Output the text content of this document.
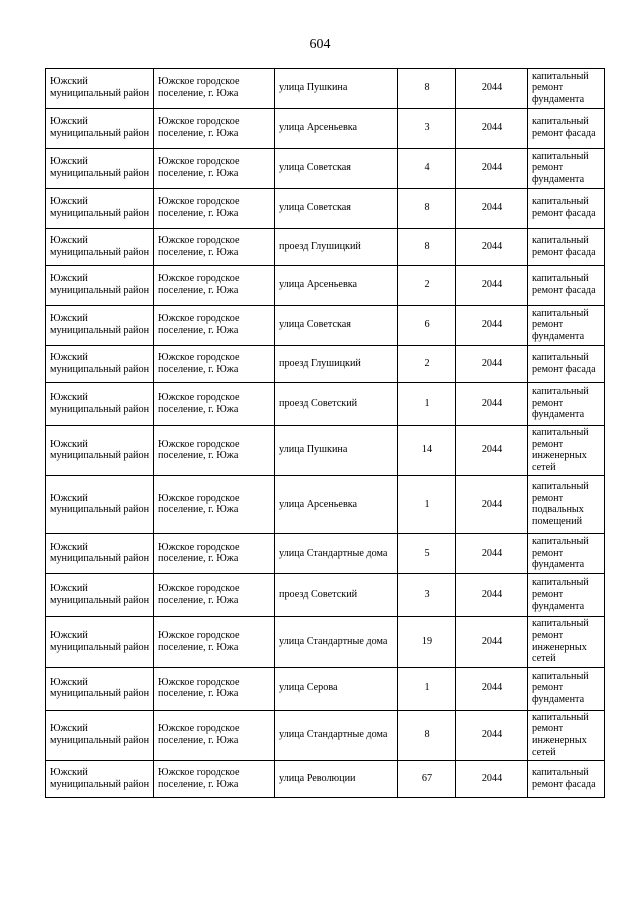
604
Южский муниципальный район	Южское городское поселение, г. Южа	улица Пушкина	8	2044	капитальный ремонт фундамента
Южский муниципальный район	Южское городское поселение, г. Южа	улица Арсеньевка	3	2044	капитальный ремонт фасада
Южский муниципальный район	Южское городское поселение, г. Южа	улица Советская	4	2044	капитальный ремонт фундамента
Южский муниципальный район	Южское городское поселение, г. Южа	улица Советская	8	2044	капитальный ремонт фасада
Южский муниципальный район	Южское городское поселение, г. Южа	проезд Глушицкий	8	2044	капитальный ремонт фасада
Южский муниципальный район	Южское городское поселение, г. Южа	улица Арсеньевка	2	2044	капитальный ремонт фасада
Южский муниципальный район	Южское городское поселение, г. Южа	улица Советская	6	2044	капитальный ремонт фундамента
Южский муниципальный район	Южское городское поселение, г. Южа	проезд Глушицкий	2	2044	капитальный ремонт фасада
Южский муниципальный район	Южское городское поселение, г. Южа	проезд Советский	1	2044	капитальный ремонт фундамента
Южский муниципальный район	Южское городское поселение, г. Южа	улица Пушкина	14	2044	капитальный ремонт инженерных сетей
Южский муниципальный район	Южское городское поселение, г. Южа	улица Арсеньевка	1	2044	капитальный ремонт подвальных помещений
Южский муниципальный район	Южское городское поселение, г. Южа	улица Стандартные дома	5	2044	капитальный ремонт фундамента
Южский муниципальный район	Южское городское поселение, г. Южа	проезд Советский	3	2044	капитальный ремонт фундамента
Южский муниципальный район	Южское городское поселение, г. Южа	улица Стандартные дома	19	2044	капитальный ремонт инженерных сетей
Южский муниципальный район	Южское городское поселение, г. Южа	улица Серова	1	2044	капитальный ремонт фундамента
Южский муниципальный район	Южское городское поселение, г. Южа	улица Стандартные дома	8	2044	капитальный ремонт инженерных сетей
Южский муниципальный район	Южское городское поселение, г. Южа	улица Революции	67	2044	капитальный ремонт фасада
